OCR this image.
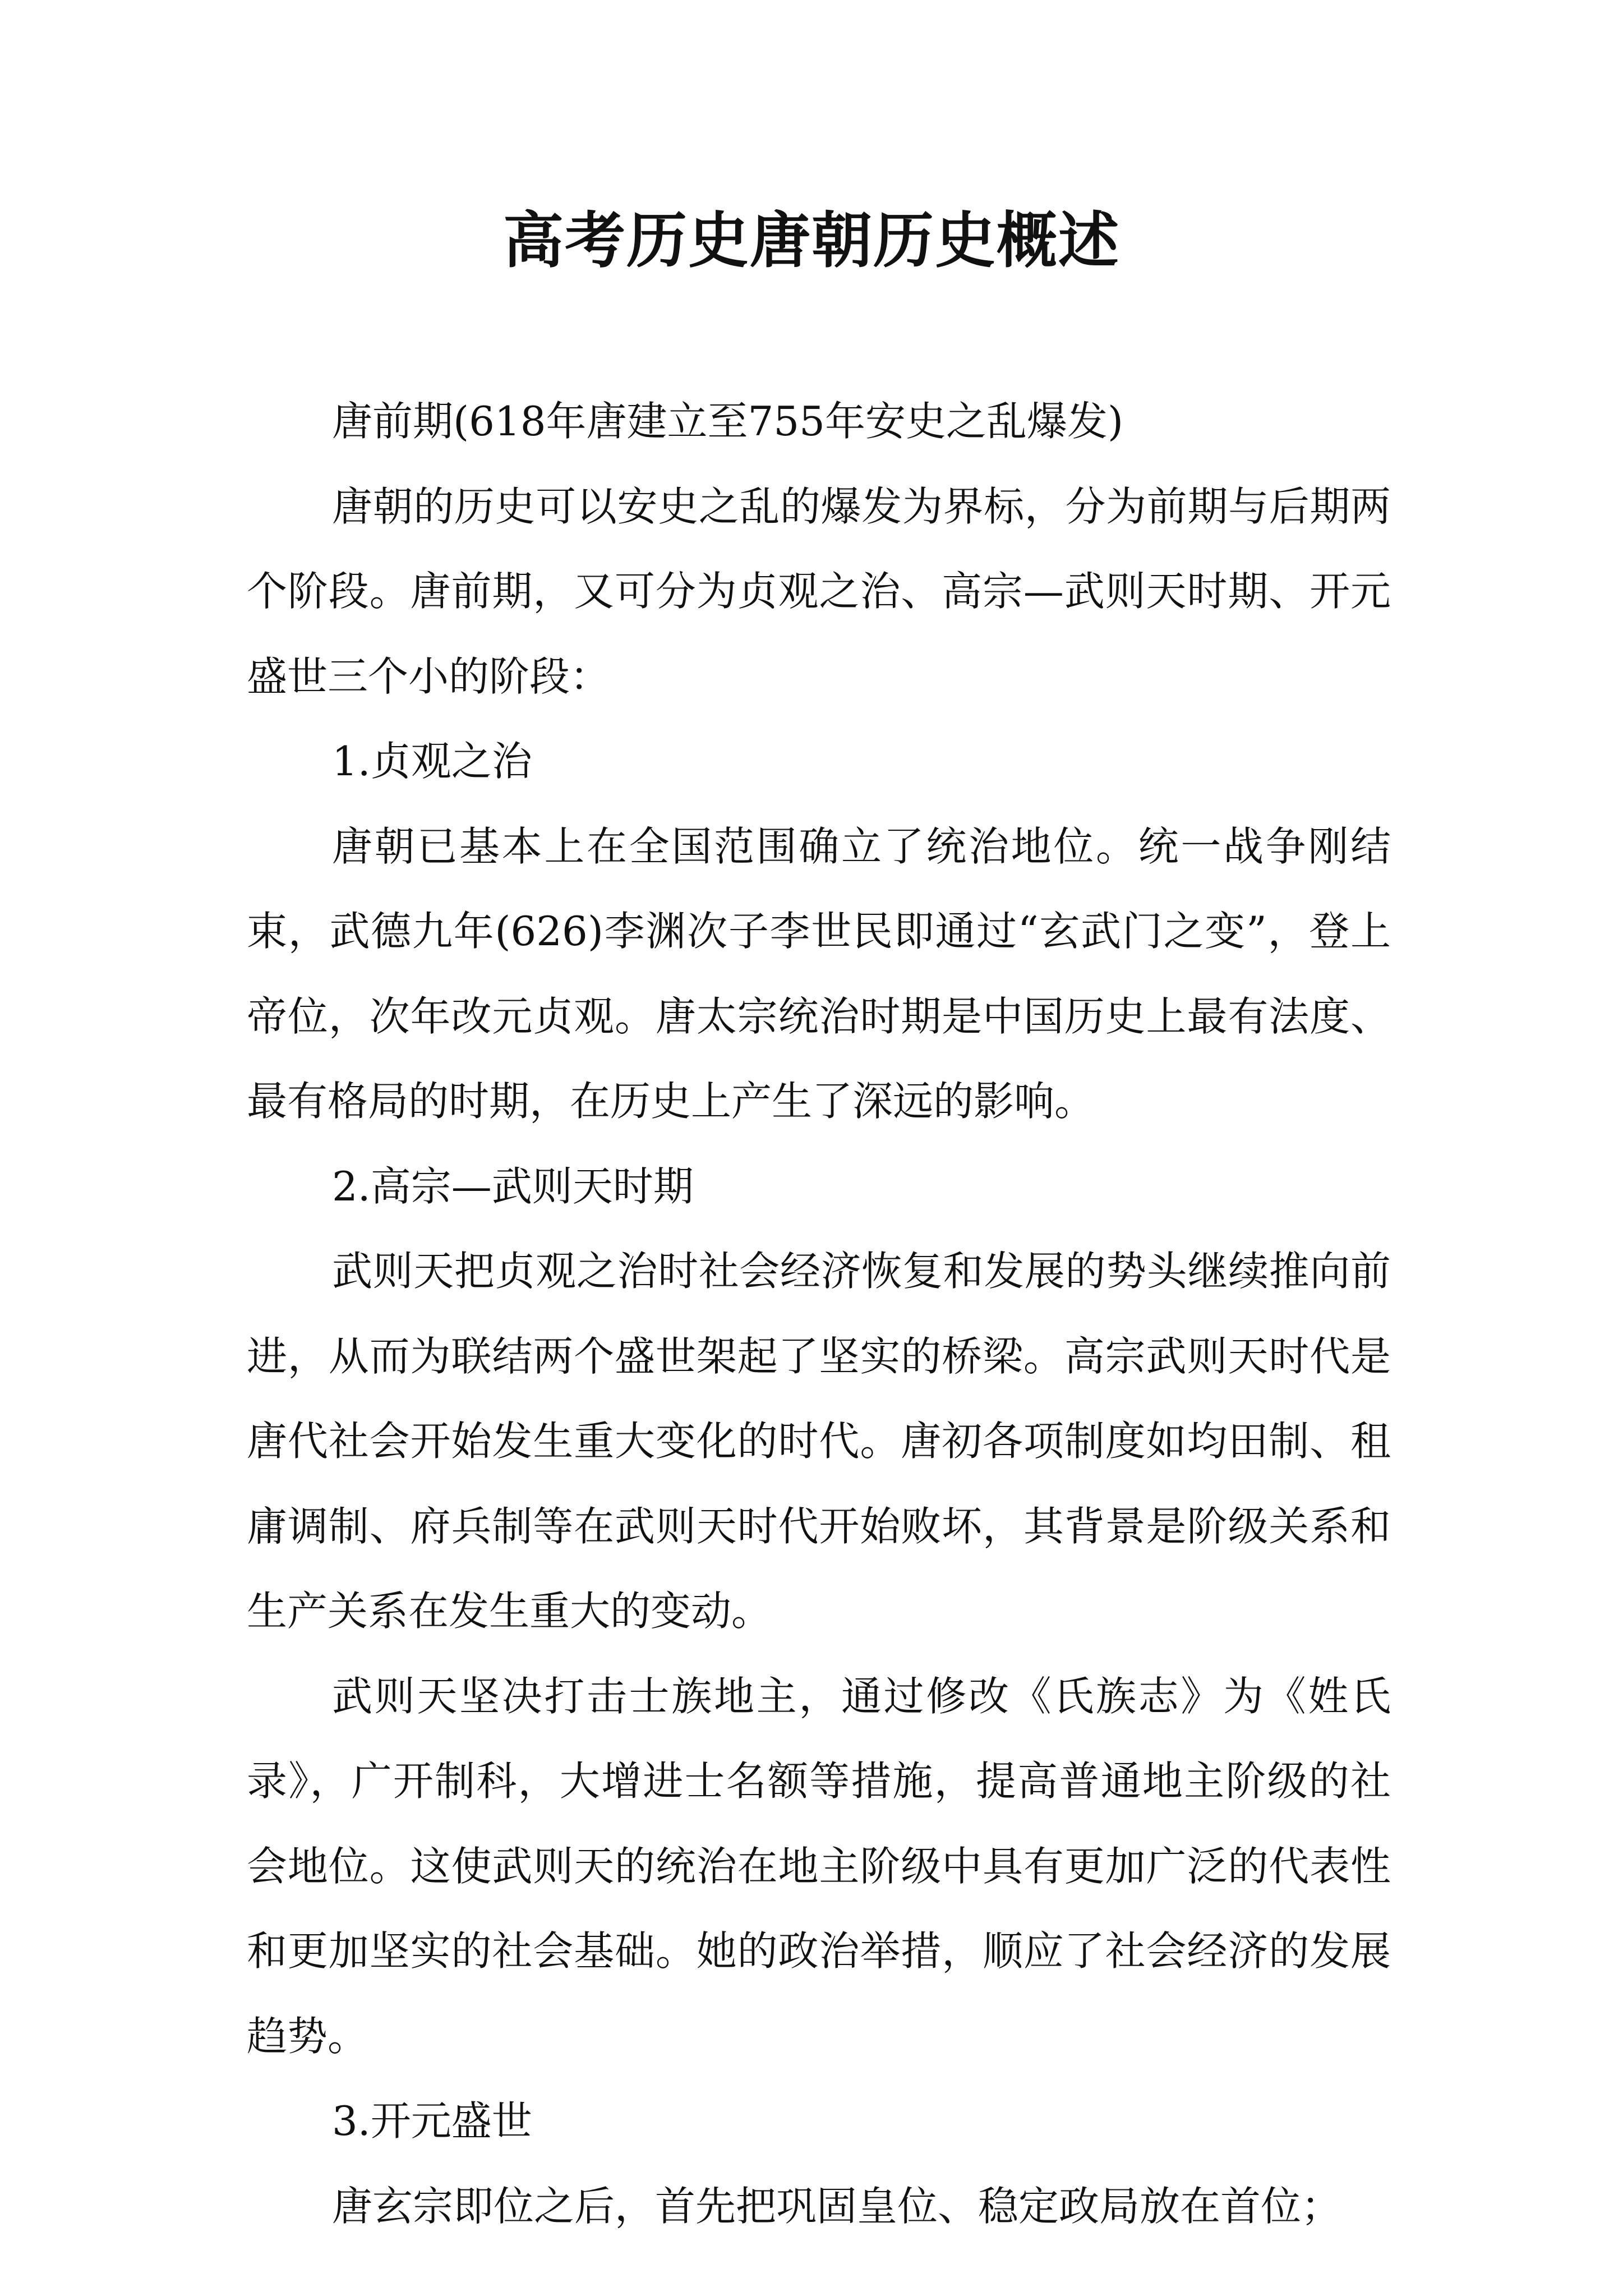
高考历史唐朝历史概述

唐前期(618年唐建立至755年安史之乱爆发)

唐朝的历史可以安史之乱的爆发为界标，分为前期与后期两个阶段。唐前期，又可分为贞观之治、高宗—武则天时期、开元盛世三个小的阶段：

1.贞观之治

唐朝已基本上在全国范围确立了统治地位。统一战争刚结束，武德九年(626)李渊次子李世民即通过“玄武门之变”，登上帝位，次年改元贞观。唐太宗统治时期是中国历史上最有法度、最有格局的时期，在历史上产生了深远的影响。

2.高宗—武则天时期

武则天把贞观之治时社会经济恢复和发展的势头继续推向前进，从而为联结两个盛世架起了坚实的桥梁。高宗武则天时代是唐代社会开始发生重大变化的时代。唐初各项制度如均田制、租庸调制、府兵制等在武则天时代开始败坏，其背景是阶级关系和生产关系在发生重大的变动。

武则天坚决打击士族地主，通过修改《氏族志》为《姓氏录》，广开制科，大增进士名额等措施，提高普通地主阶级的社会地位。这使武则天的统治在地主阶级中具有更加广泛的代表性和更加坚实的社会基础。她的政治举措，顺应了社会经济的发展趋势。

3.开元盛世

唐玄宗即位之后，首先把巩固皇位、稳定政局放在首位；
